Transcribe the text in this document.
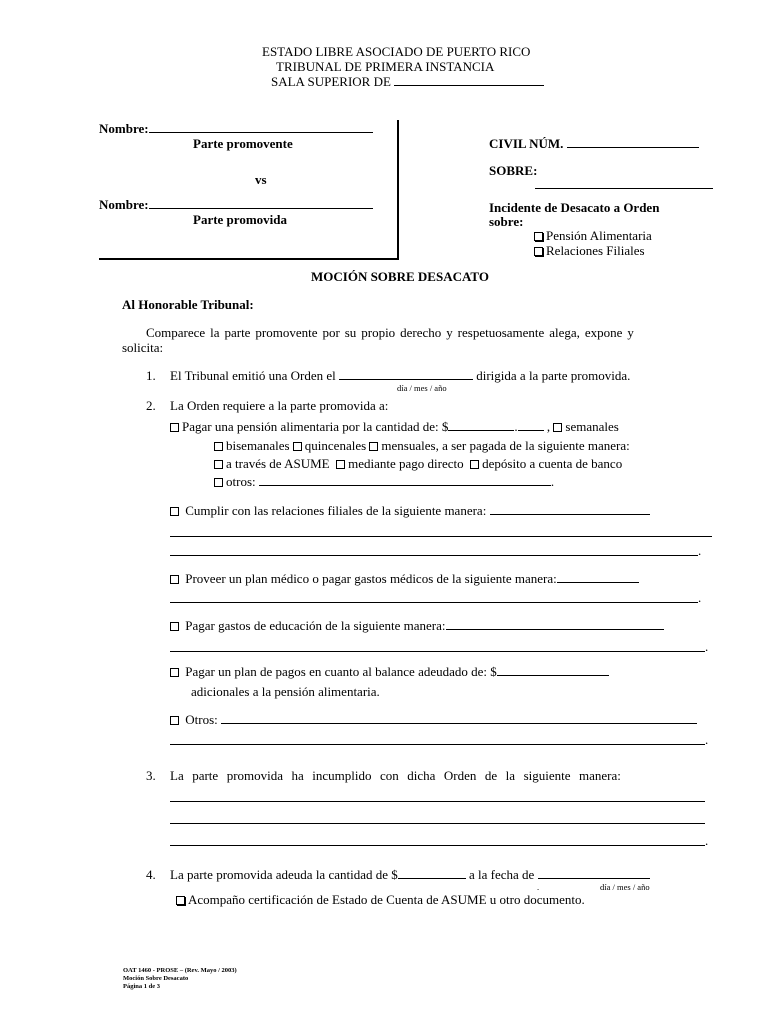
ESTADO LIBRE ASOCIADO DE PUERTO RICO
TRIBUNAL DE PRIMERA INSTANCIA
SALA SUPERIOR DE
Nombre:
Parte promovente
vs
Nombre:
Parte promovida
CIVIL NÚM.
SOBRE:
Incidente de Desacato a Orden
sobre:
Pensión Alimentaria
Relaciones Filiales
MOCIÓN SOBRE DESACATO
Al Honorable Tribunal:
Comparece la parte promovente por su propio derecho y respetuosamente alega, expone y
solicita:
1. El Tribunal emitió una Orden el	dirigida a la parte promovida.
día / mes / año
2. La Orden requiere a la parte promovida a:
Pagar una pensión alimentaria por la cantidad de: $	. , semanales
bisemanales quincenales mensuales, a ser pagada de la siguiente manera:
a través de ASUME mediante pago directo depósito a cuenta de banco
otros:	.
Cumplir con las relaciones filiales de la siguiente manera:
.
Proveer un plan médico o pagar gastos médicos de la siguiente manera:
.
Pagar gastos de educación de la siguiente manera:
.
Pagar un plan de pagos en cuanto al balance adeudado de: $
adicionales a la pensión alimentaria.
Otros:
.
3. La  parte  promovida  ha  incumplido  con  dicha  Orden  de  la  siguiente  manera:
.
4. La parte promovida adeuda la cantidad de $	a la fecha de
.	día / mes / año
Acompaño certificación de Estado de Cuenta de ASUME u otro documento.
OAT 1460 - PROSE – (Rev. Mayo / 2003)
Moción Sobre Desacato
Página 1 de 3
